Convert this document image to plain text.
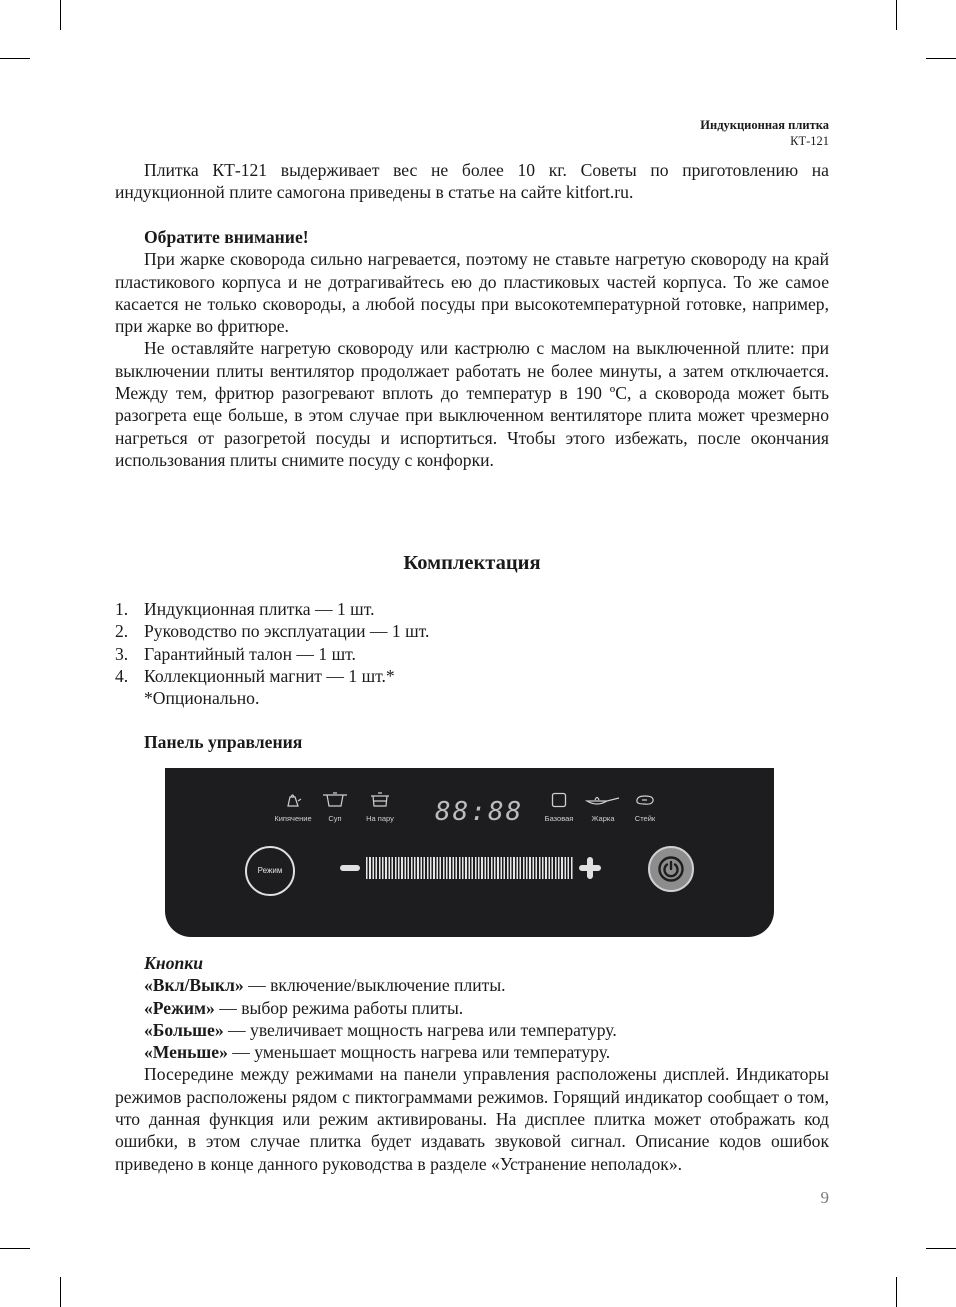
Индукционная плитка
КТ-121

Плитка КТ-121 выдерживает вес не более 10 кг. Советы по приготовлению на индукционной плите самогона приведены в статье на сайте kitfort.ru.

Обратите внимание!

При жарке сковорода сильно нагревается, поэтому не ставьте нагретую сковороду на край пластикового корпуса и не дотрагивайтесь ею до пластиковых частей корпуса. То же самое касается не только сковороды, а любой посуды при высокотемпературной готовке, например, при жарке во фритюре.

Не оставляйте нагретую сковороду или кастрюлю с маслом на выключенной плите: при выключении плиты вентилятор продолжает работать не более минуты, а затем отключается. Между тем, фритюр разогревают вплоть до температур в 190 ºС, а сковорода может быть разогрета еще больше, в этом случае при выключенном вентиляторе плита может чрезмерно нагреться от разогретой посуды и испортиться. Чтобы этого избежать, после окончания использования плиты снимите посуду с конфорки.

Комплектация
1. Индукционная плитка — 1 шт.
2. Руководство по эксплуатации — 1 шт.
3. Гарантийный талон — 1 шт.
4. Коллекционный магнит — 1 шт.*
*Опционально.

Панель управления

Кипячение	Суп	На пару	88:88	Базовая	Жарка	Стейк
Режим

Кнопки

«Вкл/Выкл» — включение/выключение плиты.

«Режим» — выбор режима работы плиты.

«Больше» — увеличивает мощность нагрева или температуру.

«Меньше» — уменьшает мощность нагрева или температуру.

Посередине между режимами на панели управления расположены дисплей. Индикаторы режимов расположены рядом с пиктограммами режимов. Горящий индикатор сообщает о том, что данная функция или режим активированы. На дисплее плитка может отображать код ошибки, в этом случае плитка будет издавать звуковой сигнал. Описание кодов ошибок приведено в конце данного руководства в разделе «Устранение неполадок».

9
